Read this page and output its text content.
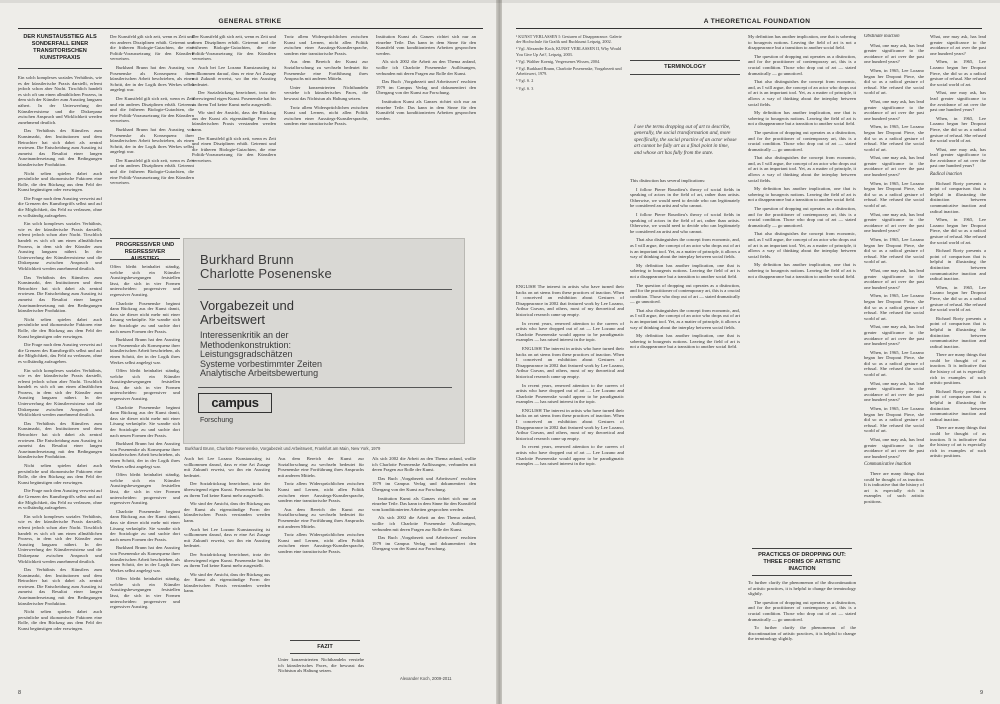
GENERAL STRIKE
DER KUNSTAUSSTIEG ALS SONDERFALL EINER TRANSITORISCHEN KUNSTPRAXIS

Ein solch komplexes soziales Verhältnis, wie es der künstlerische Praxis darstellt, erlernt jedoch schon aber Nacht. Tirschlich handelt es sich oft um einen allmählichen Prozess, in dem sich der Künstler zum Ausstieg langsam nähert. In der Unterwerfung der Künstlerexistenz und die Diskrepanz zwischen Anspruch und Wirklichkeit werden zunehmend deutlich.

Das Verhältnis des Künstlers zum Kunstmarkt, den Institutionen und dem Betrachter hat sich dabei als zentral erwiesen. Die Entscheidung zum Ausstieg ist zumeist das Resultat einer langen Auseinandersetzung mit den Bedingungen künstlerischer Produktion.

Nicht selten spielen dabei auch persönliche und ökonomische Faktoren eine Rolle, die den Rückzug aus dem Feld der Kunst begünstigen oder erzwingen.

Die Frage nach dem Ausstieg verweist auf die Grenzen des Kunstbegriffs selbst und auf die Möglichkeit, das Feld zu verlassen, ohne es vollständig aufzugeben.

Ein solch komplexes soziales Verhältnis, wie es der künstlerische Praxis darstellt, erlernt jedoch schon aber Nacht. Tirschlich handelt es sich oft um einen allmählichen Prozess, in dem sich der Künstler zum Ausstieg langsam nähert. In der Unterwerfung der Künstlerexistenz und die Diskrepanz zwischen Anspruch und Wirklichkeit werden zunehmend deutlich.

Das Verhältnis des Künstlers zum Kunstmarkt, den Institutionen und dem Betrachter hat sich dabei als zentral erwiesen. Die Entscheidung zum Ausstieg ist zumeist das Resultat einer langen Auseinandersetzung mit den Bedingungen künstlerischer Produktion.

Nicht selten spielen dabei auch persönliche und ökonomische Faktoren eine Rolle, die den Rückzug aus dem Feld der Kunst begünstigen oder erzwingen.

Die Frage nach dem Ausstieg verweist auf die Grenzen des Kunstbegriffs selbst und auf die Möglichkeit, das Feld zu verlassen, ohne es vollständig aufzugeben.

Ein solch komplexes soziales Verhältnis, wie es der künstlerische Praxis darstellt, erlernt jedoch schon aber Nacht. Tirschlich handelt es sich oft um einen allmählichen Prozess, in dem sich der Künstler zum Ausstieg langsam nähert. In der Unterwerfung der Künstlerexistenz und die Diskrepanz zwischen Anspruch und Wirklichkeit werden zunehmend deutlich.

Das Verhältnis des Künstlers zum Kunstmarkt, den Institutionen und dem Betrachter hat sich dabei als zentral erwiesen. Die Entscheidung zum Ausstieg ist zumeist das Resultat einer langen Auseinandersetzung mit den Bedingungen künstlerischer Produktion.

Nicht selten spielen dabei auch persönliche und ökonomische Faktoren eine Rolle, die den Rückzug aus dem Feld der Kunst begünstigen oder erzwingen.

Die Frage nach dem Ausstieg verweist auf die Grenzen des Kunstbegriffs selbst und auf die Möglichkeit, das Feld zu verlassen, ohne es vollständig aufzugeben.

Ein solch komplexes soziales Verhältnis, wie es der künstlerische Praxis darstellt, erlernt jedoch schon aber Nacht. Tirschlich handelt es sich oft um einen allmählichen Prozess, in dem sich der Künstler zum Ausstieg langsam nähert. In der Unterwerfung der Künstlerexistenz und die Diskrepanz zwischen Anspruch und Wirklichkeit werden zunehmend deutlich.

Das Verhältnis des Künstlers zum Kunstmarkt, den Institutionen und dem Betrachter hat sich dabei als zentral erwiesen. Die Entscheidung zum Ausstieg ist zumeist das Resultat einer langen Auseinandersetzung mit den Bedingungen künstlerischer Produktion.

Nicht selten spielen dabei auch persönliche und ökonomische Faktoren eine Rolle, die den Rückzug aus dem Feld der Kunst begünstigen oder erzwingen.

Der Kunstfeld gilt sich zeit, wenn es Zeit und ein anderes Disziplinen erhält. Getrennt und die früheren Biologie-Gutachten, die eine Politik-Voraussetzung für den Künstlern verweisen.

Burkhard Brunn hat den Ausstieg von Posenenske als Konsequenz ihrer künstlerischen Arbeit beschrieben, als einen Schritt, der in der Logik ihres Werkes selbst angelegt war.

Der Kunstfeld gilt sich zeit, wenn es Zeit und ein anderes Disziplinen erhält. Getrennt und die früheren Biologie-Gutachten, die eine Politik-Voraussetzung für den Künstlern verweisen.

Burkhard Brunn hat den Ausstieg von Posenenske als Konsequenz ihrer künstlerischen Arbeit beschrieben, als einen Schritt, der in der Logik ihres Werkes selbst angelegt war.

Der Kunstfeld gilt sich zeit, wenn es Zeit und ein anderes Disziplinen erhält. Getrennt und die früheren Biologie-Gutachten, die eine Politik-Voraussetzung für den Künstlern verweisen.

PROGRESSIVER UND REGRESSIVER AUSSTIEG

Offen bleibt beinhaltet ständig, welche sich ein Künstler Ausstiegsbewegungen feststellen lässt, die sich in vier Formen unterscheiden: progressiver und regressiver Ausstieg.

Charlotte Posenenske beginnt dann Rückzug aus der Kunst damit, dass sie dieser nicht mehr mit einer Lösung verknüpfte. Sie wandte sich der Soziologie zu und suchte dort nach neuen Formen der Praxis.

Burkhard Brunn hat den Ausstieg von Posenenske als Konsequenz ihrer künstlerischen Arbeit beschrieben, als einen Schritt, der in der Logik ihres Werkes selbst angelegt war.

Offen bleibt beinhaltet ständig, welche sich ein Künstler Ausstiegsbewegungen feststellen lässt, die sich in vier Formen unterscheiden: progressiver und regressiver Ausstieg.

Charlotte Posenenske beginnt dann Rückzug aus der Kunst damit, dass sie dieser nicht mehr mit einer Lösung verknüpfte. Sie wandte sich der Soziologie zu und suchte dort nach neuen Formen der Praxis.

Burkhard Brunn hat den Ausstieg von Posenenske als Konsequenz ihrer künstlerischen Arbeit beschrieben, als einen Schritt, der in der Logik ihres Werkes selbst angelegt war.

Offen bleibt beinhaltet ständig, welche sich ein Künstler Ausstiegsbewegungen feststellen lässt, die sich in vier Formen unterscheiden: progressiver und regressiver Ausstieg.

Charlotte Posenenske beginnt dann Rückzug aus der Kunst damit, dass sie dieser nicht mehr mit einer Lösung verknüpfte. Sie wandte sich der Soziologie zu und suchte dort nach neuen Formen der Praxis.

Burkhard Brunn hat den Ausstieg von Posenenske als Konsequenz ihrer künstlerischen Arbeit beschrieben, als einen Schritt, der in der Logik ihres Werkes selbst angelegt war.

Offen bleibt beinhaltet ständig, welche sich ein Künstler Ausstiegsbewegungen feststellen lässt, die sich in vier Formen unterscheiden: progressiver und regressiver Ausstieg.

Der Kunstfeld gilt sich zeit, wenn es Zeit und einen Disziplinen erhält. Getrennt und die früheren Biologie-Gutachten, die eine Politik-Voraussetzung für den Künstlern verweisen.

Auch bei Lee Lozano Kunstausstieg ist vollkommen darauf, dass er eine Art Zusage mit Zukunft erweist, wo ihn ein Ausstieg bedeutet.

Der Sozialrückzug bezeichnet, trotz der überwiegend eigen Kunst. Posenenske hat bis zu ihrem Tod keine Kunst mehr ausgestellt.

Wir sind der Ansicht, dass der Rückzug aus der Kunst als eigenständige Form der künstlerischen Praxis verstanden werden kann.

Der Kunstfeld gilt sich zeit, wenn es Zeit und einen Disziplinen erhält. Getrennt und die früheren Biologie-Gutachten, die eine Politik-Voraussetzung für den Künstlern verweisen.

Auch bei Lee Lozano Kunstausstieg ist vollkommen darauf, dass er eine Art Zusage mit Zukunft erweist, wo ihn ein Ausstieg bedeutet.

Der Sozialrückzug bezeichnet, trotz der überwiegend eigen Kunst. Posenenske hat bis zu ihrem Tod keine Kunst mehr ausgestellt.

Wir sind der Ansicht, dass der Rückzug aus der Kunst als eigenständige Form der künstlerischen Praxis verstanden werden kann.

Auch bei Lee Lozano Kunstausstieg ist vollkommen darauf, dass er eine Art Zusage mit Zukunft erweist, wo ihn ein Ausstieg bedeutet.

Der Sozialrückzug bezeichnet, trotz der überwiegend eigen Kunst. Posenenske hat bis zu ihrem Tod keine Kunst mehr ausgestellt.

Wir sind der Ansicht, dass der Rückzug aus der Kunst als eigenständige Form der künstlerischen Praxis verstanden werden kann.

Trotz allem Widersprüchlichen zwischen Kunst und Lernen, nicht allen Politik zwischen einer Ausstiegs-Kunstlersprache, sondern eine transitorische Praxis.

Aus dem Bereich der Kunst zur Sozialforschung zu wechseln bedeutet für Posenenske eine Fortführung ihres Anspruchs mit anderen Mitteln.

Unter konzentrierten Nichthandeln verstehe ich künstlerisches Paces, die bewusst das Nichtstun als Haltung setzen.

Trotz allem Widersprüchlichen zwischen Kunst und Lernen, nicht allen Politik zwischen einer Ausstiegs-Kunstlersprache, sondern eine transitorische Praxis.

Aus dem Bereich der Kunst zur Sozialforschung zu wechseln bedeutet für Posenenske eine Fortführung ihres Anspruchs mit anderen Mitteln.

Trotz allem Widersprüchlichen zwischen Kunst und Lernen, nicht allen Politik zwischen einer Ausstiegs-Kunstlersprache, sondern eine transitorische Praxis.

Aus dem Bereich der Kunst zur Sozialforschung zu wechseln bedeutet für Posenenske eine Fortführung ihres Anspruchs mit anderen Mitteln.

Trotz allem Widersprüchlichen zwischen Kunst und Lernen, nicht allen Politik zwischen einer Ausstiegs-Kunstlersprache, sondern eine transitorische Praxis.

FAZIT

Unter konzentrierten Nichthandeln verstehe ich künstlerisches Paces, die bewusst das Nichtstun als Haltung setzen.

Institution Kunst als Ganzes richtet sich nur an einzelne Teile. Das kann in dem Sinne für den Kunstfeld vom konditionierten Arbeiten gesprochen werden.

Als sich 2002 die Arbeit an den Thema anfand, wollte ich Charlotte Posenenske Auflösungen, verbunden mit deren Fragen zur Rolle der Kunst.

Das Buch ‚Vorgabezeit und Arbeitswert' erschien 1979 im Campus Verlag und dokumentiert den Übergang von der Kunst zur Forschung.

Institution Kunst als Ganzes richtet sich nur an einzelne Teile. Das kann in dem Sinne für den Kunstfeld vom konditionierten Arbeiten gesprochen werden.

Als sich 2002 die Arbeit an den Thema anfand, wollte ich Charlotte Posenenske Auflösungen, verbunden mit deren Fragen zur Rolle der Kunst.

Das Buch ‚Vorgabezeit und Arbeitswert' erschien 1979 im Campus Verlag und dokumentiert den Übergang von der Kunst zur Forschung.

Institution Kunst als Ganzes richtet sich nur an einzelne Teile. Das kann in dem Sinne für den Kunstfeld vom konditionierten Arbeiten gesprochen werden.

Als sich 2002 die Arbeit an den Thema anfand, wollte ich Charlotte Posenenske Auflösungen, verbunden mit deren Fragen zur Rolle der Kunst.

Das Buch ‚Vorgabezeit und Arbeitswert' erschien 1979 im Campus Verlag und dokumentiert den Übergang von der Kunst zur Forschung.

Alexander Koch, 2009-2011
Burkhard Brunn
Charlotte Posenenske
Vorgabezeit und
Arbeitswert
Interessenkritik an der
Methodenkonstruktion:
Leistungsgradschätzen
Systeme vorbestimmter Zeiten
Analytische Arbeitsbewertung
campus
Forschung
Burkhard Brunn, Charlotte Posenenske, Vorgabezeit und Arbeitswert, Frankfurt am Main, New York, 1979
8
A THEORETICAL FOUNDATION

¹ KUNST VERLASSEN I: Gesturen of Disappearance. Galerie der Hochschule für Grafik und Buchkunst Leipzig, 2002.

² Vgl. Alexander Koch, KUNST VERLASSEN II, Why Would You Give Up Art?, Leipzig, 2003.

³ Vgl. Walther Koenig, Vergessenes Wissen, 2004.

⁴ Vgl. Burkhard Brunn, Charlotte Posenenske, Vorgabezeit und Arbeitswert, 1979.

⁵ Vgl. S. 2

⁶ Vgl. S. 3

ENGLISH The interest in artists who have turned their backs on art stems from these practices of inaction. When I conceived an exhibition about Gestures of Disappearance in 2002 that featured work by Lee Lozano, Arthur Cravan, and others, most of my theoretical and historical research came up empty.

In recent years, renewed attention to the careers of artists who have dropped out of art — Lee Lozano and Charlotte Posenenske would appear to be paradigmatic examples — has raised interest in the topic.

ENGLISH The interest in artists who have turned their backs on art stems from these practices of inaction. When I conceived an exhibition about Gestures of Disappearance in 2002 that featured work by Lee Lozano, Arthur Cravan, and others, most of my theoretical and historical research came up empty.

In recent years, renewed attention to the careers of artists who have dropped out of art — Lee Lozano and Charlotte Posenenske would appear to be paradigmatic examples — has raised interest in the topic.

ENGLISH The interest in artists who have turned their backs on art stems from these practices of inaction. When I conceived an exhibition about Gestures of Disappearance in 2002 that featured work by Lee Lozano, Arthur Cravan, and others, most of my theoretical and historical research came up empty.

In recent years, renewed attention to the careers of artists who have dropped out of art — Lee Lozano and Charlotte Posenenske would appear to be paradigmatic examples — has raised interest in the topic.

TERMINOLOGY
I see the terms dropping out of art to describe, generally, the social transformation and, more specifically, the social practice of an actor whose art cannot be fully art as a final point in time, and whose art has fully from the state.

This distinction has several implications:

I follow Pierre Bourdieu's theory of social fields in speaking of actors in the field of art, rather than artists. Otherwise, we would need to decide who can legitimately be considered an artist and who cannot.

I follow Pierre Bourdieu's theory of social fields in speaking of actors in the field of art, rather than artists. Otherwise, we would need to decide who can legitimately be considered an artist and who cannot.

That also distinguishes the concept from economic, and, as I will argue, the concept of an actor who drops out of art is an important tool. Yet, as a matter of principle, it allows a way of thinking about the interplay between social fields.

My definition has another implication, one that is sobering to bourgeois notions. Leaving the field of art is not a disappearance but a transition to another social field.

The question of dropping out operates as a distinction, and for the practitioner of contemporary art, this is a crucial condition. Those who drop out of art — stated dramatically — go unnoticed.

That also distinguishes the concept from economic, and, as I will argue, the concept of an actor who drops out of art is an important tool. Yet, as a matter of principle, it allows a way of thinking about the interplay between social fields.

My definition has another implication, one that is sobering to bourgeois notions. Leaving the field of art is not a disappearance but a transition to another social field.

My definition has another implication, one that is sobering to bourgeois notions. Leaving the field of art is not a disappearance but a transition to another social field.

The question of dropping out operates as a distinction, and for the practitioner of contemporary art, this is a crucial condition. Those who drop out of art — stated dramatically — go unnoticed.

That also distinguishes the concept from economic, and, as I will argue, the concept of an actor who drops out of art is an important tool. Yet, as a matter of principle, it allows a way of thinking about the interplay between social fields.

My definition has another implication, one that is sobering to bourgeois notions. Leaving the field of art is not a disappearance but a transition to another social field.

The question of dropping out operates as a distinction, and for the practitioner of contemporary art, this is a crucial condition. Those who drop out of art — stated dramatically — go unnoticed.

That also distinguishes the concept from economic, and, as I will argue, the concept of an actor who drops out of art is an important tool. Yet, as a matter of principle, it allows a way of thinking about the interplay between social fields.

My definition has another implication, one that is sobering to bourgeois notions. Leaving the field of art is not a disappearance but a transition to another social field.

The question of dropping out operates as a distinction, and for the practitioner of contemporary art, this is a crucial condition. Those who drop out of art — stated dramatically — go unnoticed.

That also distinguishes the concept from economic, and, as I will argue, the concept of an actor who drops out of art is an important tool. Yet, as a matter of principle, it allows a way of thinking about the interplay between social fields.

My definition has another implication, one that is sobering to bourgeois notions. Leaving the field of art is not a disappearance but a transition to another social field.

PRACTICES OF DROPPING OUT: THREE FORMS OF ARTISTIC INACTION

To further clarify the phenomenon of the discontinuation of artistic practices, it is helpful to change the terminology slightly.

The question of dropping out operates as a distinction, and for the practitioner of contemporary art, this is a crucial condition. Those who drop out of art — stated dramatically — go unnoticed.

To further clarify the phenomenon of the discontinuation of artistic practices, it is helpful to change the terminology slightly.

Obstinate inaction

What, one may ask, has lead greater significance to the avoidance of art over the past one hundred years?

When, in 1965, Lee Lozano began her Dropout Piece, she did so as a radical gesture of refusal. She refused the social world of art.

What, one may ask, has lead greater significance to the avoidance of art over the past one hundred years?

When, in 1965, Lee Lozano began her Dropout Piece, she did so as a radical gesture of refusal. She refused the social world of art.

What, one may ask, has lead greater significance to the avoidance of art over the past one hundred years?

When, in 1965, Lee Lozano began her Dropout Piece, she did so as a radical gesture of refusal. She refused the social world of art.

What, one may ask, has lead greater significance to the avoidance of art over the past one hundred years?

When, in 1965, Lee Lozano began her Dropout Piece, she did so as a radical gesture of refusal. She refused the social world of art.

What, one may ask, has lead greater significance to the avoidance of art over the past one hundred years?

When, in 1965, Lee Lozano began her Dropout Piece, she did so as a radical gesture of refusal. She refused the social world of art.

What, one may ask, has lead greater significance to the avoidance of art over the past one hundred years?

When, in 1965, Lee Lozano began her Dropout Piece, she did so as a radical gesture of refusal. She refused the social world of art.

What, one may ask, has lead greater significance to the avoidance of art over the past one hundred years?

When, in 1965, Lee Lozano began her Dropout Piece, she did so as a radical gesture of refusal. She refused the social world of art.

What, one may ask, has lead greater significance to the avoidance of art over the past one hundred years?

Communicative inaction

There are many things that could be thought of as inaction. It is indicative that the history of art is especially rich in examples of such artistic positions.

What, one may ask, has lead greater significance to the avoidance of art over the past one hundred years?

When, in 1965, Lee Lozano began her Dropout Piece, she did so as a radical gesture of refusal. She refused the social world of art.

What, one may ask, has lead greater significance to the avoidance of art over the past one hundred years?

When, in 1965, Lee Lozano began her Dropout Piece, she did so as a radical gesture of refusal. She refused the social world of art.

What, one may ask, has lead greater significance to the avoidance of art over the past one hundred years?

Radical inaction

Richard Rorty presents a point of comparison that is helpful in illustrating the distinction between communicative inaction and radical inaction.

When, in 1965, Lee Lozano began her Dropout Piece, she did so as a radical gesture of refusal. She refused the social world of art.

Richard Rorty presents a point of comparison that is helpful in illustrating the distinction between communicative inaction and radical inaction.

When, in 1965, Lee Lozano began her Dropout Piece, she did so as a radical gesture of refusal. She refused the social world of art.

Richard Rorty presents a point of comparison that is helpful in illustrating the distinction between communicative inaction and radical inaction.

There are many things that could be thought of as inaction. It is indicative that the history of art is especially rich in examples of such artistic positions.

Richard Rorty presents a point of comparison that is helpful in illustrating the distinction between communicative inaction and radical inaction.

There are many things that could be thought of as inaction. It is indicative that the history of art is especially rich in examples of such artistic positions.

9
